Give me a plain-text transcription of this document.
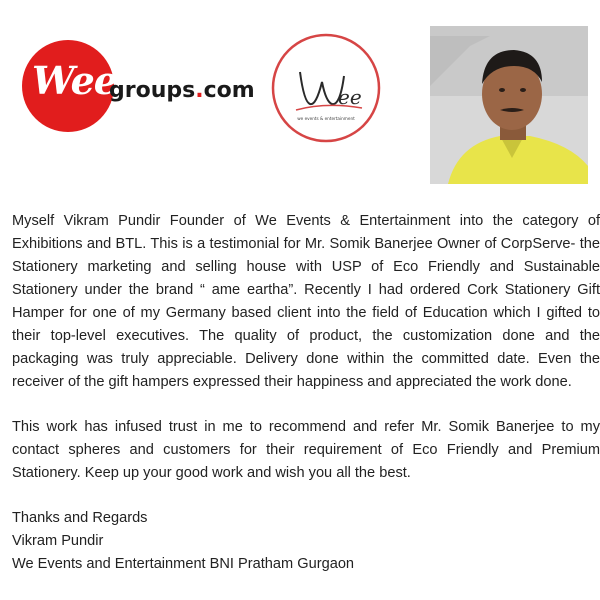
Wee
groups.com	ee
we events & entertainment

Myself Vikram Pundir Founder of We Events & Entertainment into the category of Exhibitions and BTL. This is a testimonial for Mr. Somik Banerjee Owner of CorpServe- the Stationery marketing and selling house with USP of Eco Friendly and Sustainable Stationery under the brand “ ame eartha”. Recently I had ordered Cork Stationery Gift Hamper for one of my Germany based client into the field of Education which I gifted to their top-level executives. The quality of product, the customization done and the packaging was truly appreciable. Delivery done within the committed date. Even the receiver of the gift hampers expressed their happiness and appreciated the work done.

This work has infused trust in me to recommend and refer Mr. Somik Banerjee to my contact spheres and customers for their requirement of Eco Friendly and Premium Stationery. Keep up your good work and wish you all the best.

Thanks and Regards
Vikram Pundir
We Events and Entertainment BNI Pratham Gurgaon
